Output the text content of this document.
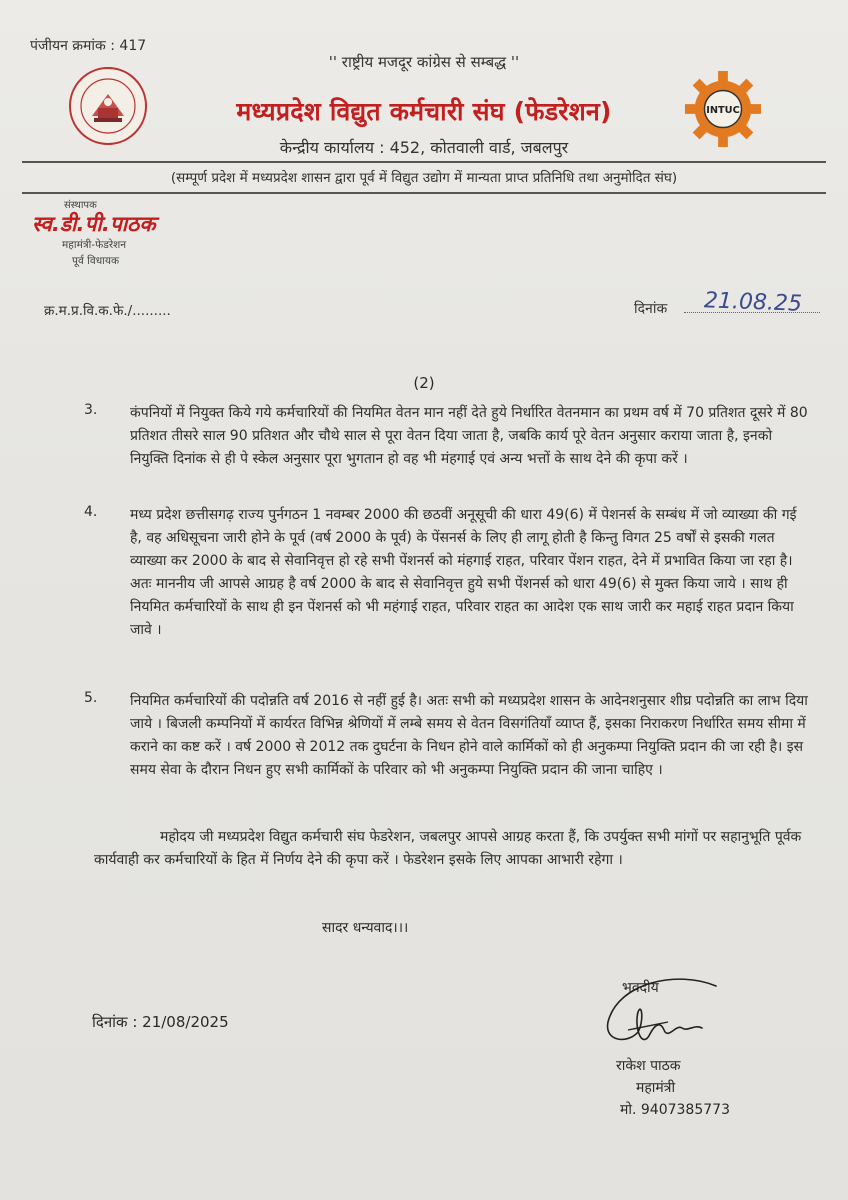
पंजीयन क्रमांक : 417
'' राष्ट्रीय मजदूर कांग्रेस से सम्बद्ध ''
मध्यप्रदेश विद्युत कर्मचारी संघ (फेडरेशन)	INTUC
केन्द्रीय कार्यालय : 452, कोतवाली वार्ड, जबलपुर
(सम्पूर्ण प्रदेश में मध्यप्रदेश शासन द्वारा पूर्व में विद्युत उद्योग में मान्यता प्राप्त प्रतिनिधि तथा अनुमोदित संघ)
संस्थापक
स्व.डी.पी.पाठक
महामंत्री-फेडरेशन
पूर्व विधायक
क्र.म.प्र.वि.क.फे./.........	दिनांक 21.08.25
(2)
3. कंपनियों में नियुक्त किये गये कर्मचारियों की नियमित वेतन मान नहीं देते हुये निर्धारित वेतनमान का प्रथम वर्ष में 70 प्रतिशत दूसरे में 80 प्रतिशत तीसरे साल 90 प्रतिशत और चौथे साल से पूरा वेतन दिया जाता है, जबकि कार्य पूरे वेतन अनुसार कराया जाता है, इनको नियुक्ति दिनांक से ही पे स्केल अनुसार पूरा भुगतान हो वह भी मंहगाई एवं अन्य भत्तों के साथ देने की कृपा करें ।
4. मध्य प्रदेश छत्तीसगढ़ राज्य पुर्नगठन 1 नवम्बर 2000 की छठवीं अनूसूची की धारा 49(6) में पेशनर्स के सम्बंध में जो व्याख्या की गई है, वह अधिसूचना जारी होने के पूर्व (वर्ष 2000 के पूर्व) के पेंसनर्स के लिए ही लागू होती है किन्तु विगत 25 वर्षों से इसकी गलत व्याख्या कर 2000 के बाद से सेवानिवृत्त हो रहे सभी पेंशनर्स को मंहगाई राहत, परिवार पेंशन राहत, देने में प्रभावित किया जा रहा है। अतः माननीय जी आपसे आग्रह है वर्ष 2000 के बाद से सेवानिवृत्त हुये सभी पेंशनर्स को धारा 49(6) से मुक्त किया जाये । साथ ही नियमित कर्मचारियों के साथ ही इन पेंशनर्स को भी महंगाई राहत, परिवार राहत का आदेश एक साथ जारी कर महाई राहत प्रदान किया जावे ।
5. नियमित कर्मचारियों की पदोन्नति वर्ष 2016 से नहीं हुई है। अतः सभी को मध्यप्रदेश शासन के आदेनशनुसार शीघ्र पदोन्नति का लाभ दिया जाये । बिजली कम्पनियों में कार्यरत विभिन्न श्रेणियों में लम्बे समय से वेतन विसगंतियाँ व्याप्त हैं, इसका निराकरण निर्धारित समय सीमा में कराने का कष्ट करें । वर्ष 2000 से 2012 तक दुघर्टना के निधन होने वाले कार्मिकों को ही अनुकम्पा नियुक्ति प्रदान की जा रही है। इस समय सेवा के दौरान निधन हुए सभी कार्मिकों के परिवार को भी अनुकम्पा नियुक्ति प्रदान की जाना चाहिए ।
महोदय जी मध्यप्रदेश विद्युत कर्मचारी संघ फेडरेशन, जबलपुर आपसे आग्रह करता हैं, कि उपर्युक्त सभी मांगों पर सहानुभूति पूर्वक कार्यवाही कर कर्मचारियों के हित में निर्णय देने की कृपा करें । फेडरेशन इसके लिए आपका आभारी रहेगा ।
सादर धन्यवाद।।।
दिनांक : 21/08/2025
भवदीय
राकेश पाठक
महामंत्री
मो. 9407385773
